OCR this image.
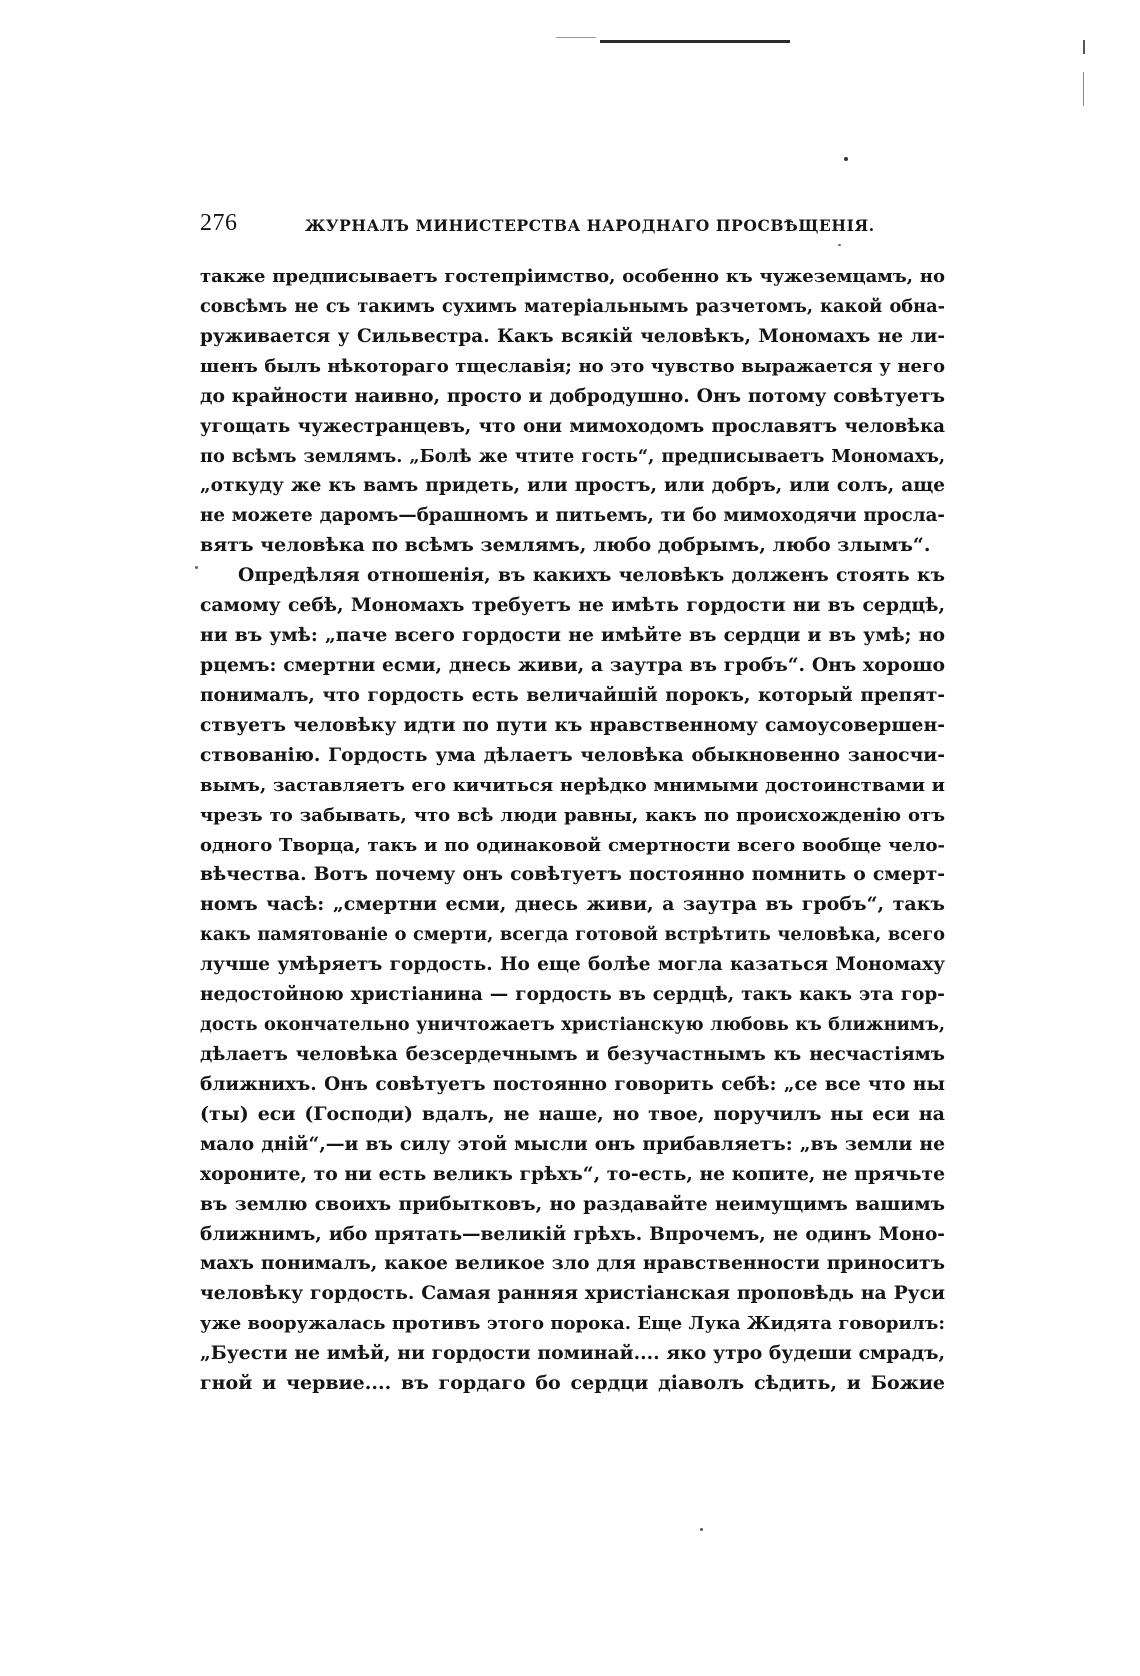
276	ЖУРНАЛЪ МИНИСТЕРСТВА НАРОДНАГО ПРОСВѢЩЕНІЯ.
также предписываетъ гостепріимство, особенно къ чужеземцамъ, но
совсѣмъ не съ такимъ сухимъ матеріальнымъ разчетомъ, какой обна-
руживается у Сильвестра. Какъ всякій человѣкъ, Мономахъ не ли-
шенъ былъ нѣкотораго тщеславія; но это чувство выражается у него
до крайности наивно, просто и добродушно. Онъ потому совѣтуетъ
угощать чужестранцевъ, что они мимоходомъ прославятъ человѣка
по всѣмъ землямъ. „Болѣ же чтите гость“, предписываетъ Мономахъ,
„откуду же къ вамъ придеть, или простъ, или добръ, или солъ, аще
не можете даромъ—брашномъ и питьемъ, ти бо мимоходячи просла-
вятъ человѣка по всѣмъ землямъ, любо добрымъ, любо злымъ“.
Опредѣляя отношенія, въ какихъ человѣкъ долженъ стоять къ
самому себѣ, Мономахъ требуетъ не имѣть гордости ни въ сердцѣ,
ни въ умѣ: „паче всего гордости не имѣйте въ сердци и въ умѣ; но
рцемъ: смертни есми, днесь живи, а заутра въ гробъ“. Онъ хорошо
понималъ, что гордость есть величайшій порокъ, который препят-
ствуетъ человѣку идти по пути къ нравственному самоусовершен-
ствованію. Гордость ума дѣлаетъ человѣка обыкновенно заносчи-
вымъ, заставляетъ его кичиться нерѣдко мнимыми достоинствами и
чрезъ то забывать, что всѣ люди равны, какъ по происхожденію отъ
одного Творца, такъ и по одинаковой смертности всего вообще чело-
вѣчества. Вотъ почему онъ совѣтуетъ постоянно помнить о смерт-
номъ часѣ: „смертни есми, днесь живи, а заутра въ гробъ“, такъ
какъ памятованіе о смерти, всегда готовой встрѣтить человѣка, всего
лучше умѣряетъ гордость. Но еще болѣе могла казаться Мономаху
недостойною христіанина — гордость въ сердцѣ, такъ какъ эта гор-
дость окончательно уничтожаетъ христіанскую любовь къ ближнимъ,
дѣлаетъ человѣка безсердечнымъ и безучастнымъ къ несчастіямъ
ближнихъ. Онъ совѣтуетъ постоянно говорить себѣ: „се все что ны
(ты) еси (Господи) вдалъ, не наше, но твое, поручилъ ны еси на
мало дній“,—и въ силу этой мысли онъ прибавляетъ: „въ земли не
хороните, то ни есть великъ грѣхъ“, то-есть, не копите, не прячьте
въ землю своихъ прибытковъ, но раздавайте неимущимъ вашимъ
ближнимъ, ибо прятать—великій грѣхъ. Впрочемъ, не одинъ Моно-
махъ понималъ, какое великое зло для нравственности приноситъ
человѣку гордость. Самая ранняя христіанская проповѣдь на Руси
уже вооружалась противъ этого порока. Еще Лука Жидята говорилъ:
„Буести не имѣй, ни гордости поминай.... яко утро будеши смрадъ,
гной и червие.... въ гордаго бо сердци діаволъ сѣдить, и Божие
